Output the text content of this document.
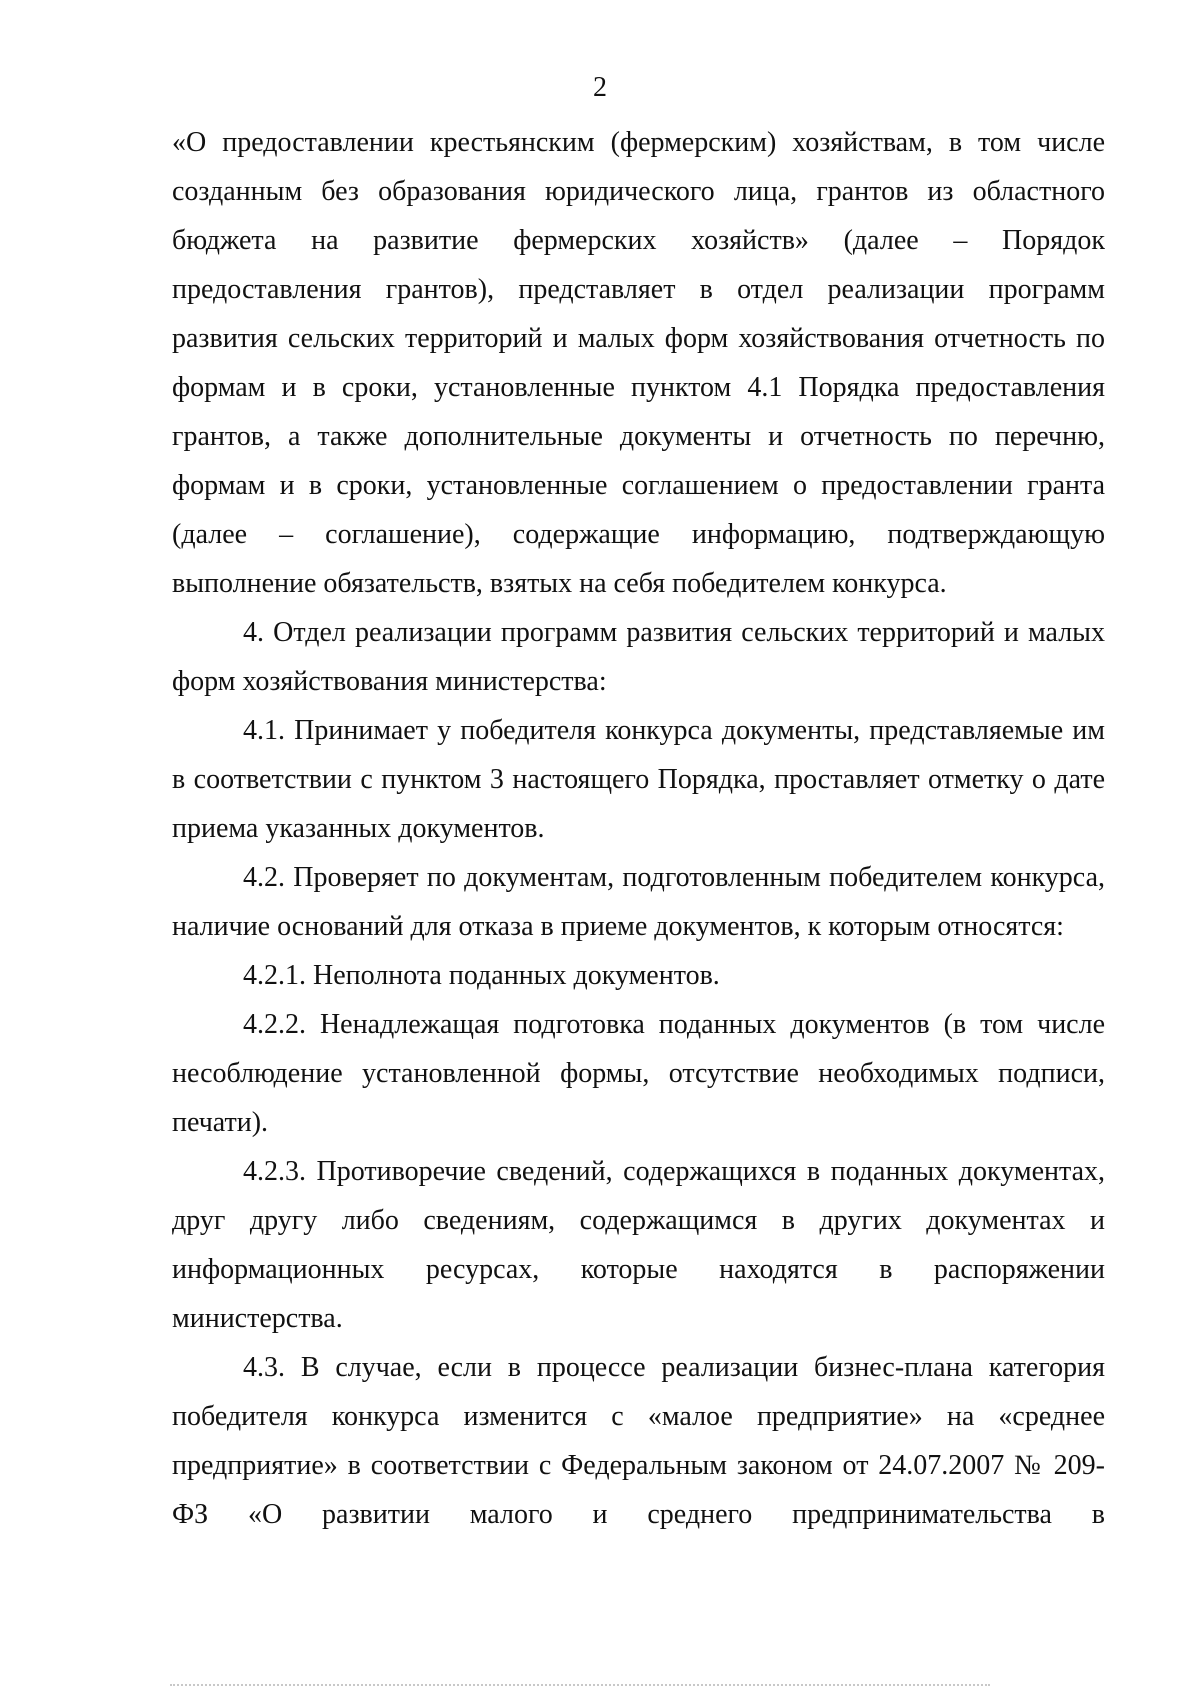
2

«О предоставлении крестьянским (фермерским) хозяйствам, в том числе созданным без образования юридического лица, грантов из областного бюджета на развитие фермерских хозяйств» (далее – Порядок предоставления грантов), представляет в отдел реализации программ развития сельских территорий и малых форм хозяйствования отчетность по формам и в сроки, установленные пунктом 4.1 Порядка предоставления грантов, а также дополнительные документы и отчетность по перечню, формам и в сроки, установленные соглашением о предоставлении гранта (далее – соглашение), содержащие информацию, подтверждающую выполнение обязательств, взятых на себя победителем конкурса.

4. Отдел реализации программ развития сельских территорий и малых форм хозяйствования министерства:

4.1. Принимает у победителя конкурса документы, представляемые им в соответствии с пунктом 3 настоящего Порядка, проставляет отметку о дате приема указанных документов.

4.2. Проверяет по документам, подготовленным победителем конкурса, наличие оснований для отказа в приеме документов, к которым относятся:

4.2.1. Неполнота поданных документов.

4.2.2. Ненадлежащая подготовка поданных документов (в том числе несоблюдение установленной формы, отсутствие необходимых подписи, печати).

4.2.3. Противоречие сведений, содержащихся в поданных документах, друг другу либо сведениям, содержащимся в других документах и информационных ресурсах, которые находятся в распоряжении министерства.

4.3. В случае, если в процессе реализации бизнес-плана категория победителя конкурса изменится с «малое предприятие» на «среднее предприятие» в соответствии с Федеральным законом от 24.07.2007 № 209-ФЗ «О развитии малого и среднего предпринимательства в
